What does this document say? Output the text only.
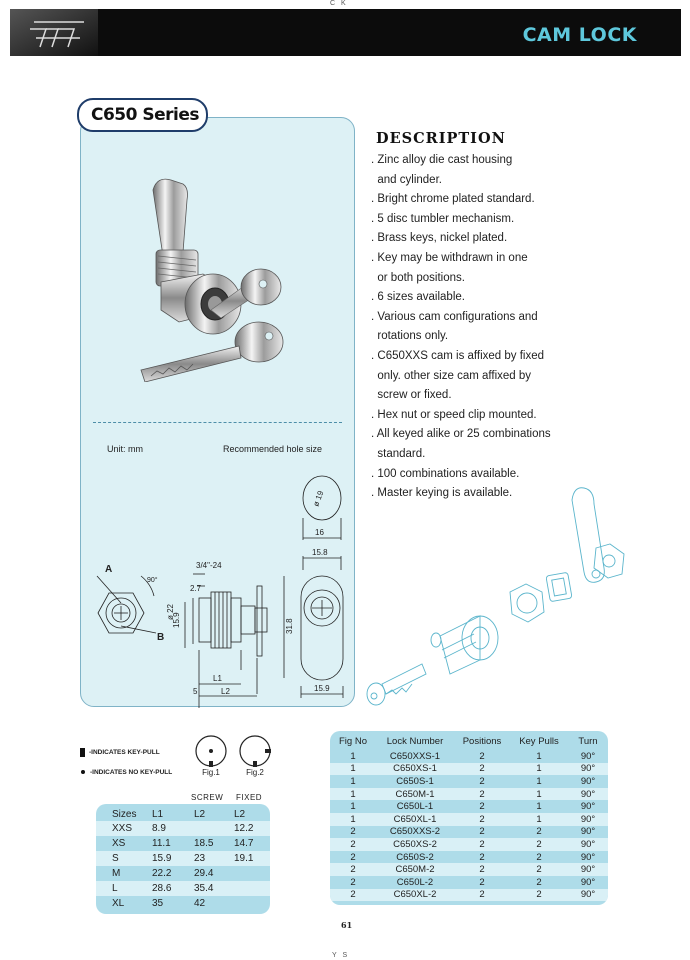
C K
CAM LOCK
C650 Series
Unit: mm	Recommended hole size
A
B
90°
3/4"-24
2.7
15.9
ø 22
L1
L2
5
ø 19
16
15.8
31.8
15.9
DESCRIPTION
. Zinc alloy die cast housing
and cylinder.
. Bright chrome plated standard.
. 5 disc tumbler mechanism.
. Brass keys, nickel plated.
. Key may be withdrawn in one
or both positions.
. 6 sizes available.
. Various cam configurations and
rotations only.
. C650XXS cam is affixed by fixed
only. other size cam affixed by
screw or fixed.
. Hex nut or speed clip mounted.
. All keyed alike or 25 combinations
standard.
. 100 combinations available.
. Master keying is available.
-INDICATES KEY-PULL
-INDICATES NO KEY-PULL	Fig.1	Fig.2
SCREW FIXED
Sizes	L1	L2	L2
XXS	8.9		12.2
XS	11.1	18.5	14.7
S	15.9	23	19.1
M	22.2	29.4	
L	28.6	35.4	
XL	35	42	
Fig No	Lock Number	Positions	Key Pulls	Turn
1	C650XXS-1	2	1	90°
1	C650XS-1	2	1	90°
1	C650S-1	2	1	90°
1	C650M-1	2	1	90°
1	C650L-1	2	1	90°
1	C650XL-1	2	1	90°
2	C650XXS-2	2	2	90°
2	C650XS-2	2	2	90°
2	C650S-2	2	2	90°
2	C650M-2	2	2	90°
2	C650L-2	2	2	90°
2	C650XL-2	2	2	90°
61
Y S
